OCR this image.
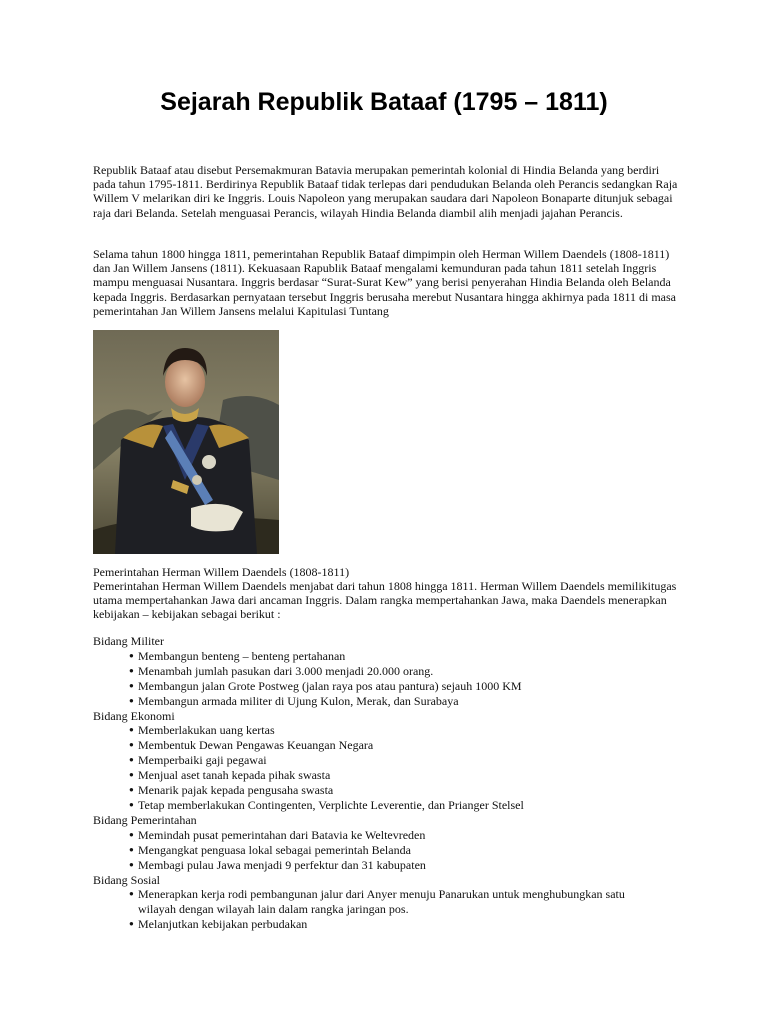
Sejarah Republik Bataaf (1795 – 1811)

Republik Bataaf atau disebut Persemakmuran Batavia merupakan pemerintah kolonial di Hindia Belanda yang berdiri pada tahun 1795-1811. Berdirinya Republik Bataaf tidak terlepas dari pendudukan Belanda oleh Perancis sedangkan Raja Willem V melarikan diri ke Inggris. Louis Napoleon yang merupakan saudara dari Napoleon Bonaparte ditunjuk sebagai raja dari Belanda. Setelah menguasai Perancis, wilayah Hindia Belanda diambil alih menjadi jajahan Perancis.

Selama tahun 1800 hingga 1811, pemerintahan Republik Bataaf dimpimpin oleh Herman Willem Daendels (1808-1811) dan Jan Willem Jansens (1811). Kekuasaan Rapublik Bataaf mengalami kemunduran pada tahun 1811 setelah Inggris mampu menguasai Nusantara. Inggris berdasar “Surat-Surat Kew” yang berisi penyerahan Hindia Belanda oleh Belanda kepada Inggris. Berdasarkan pernyataan tersebut Inggris berusaha merebut Nusantara hingga akhirnya pada 1811 di masa pemerintahan Jan Willem Jansens melalui Kapitulasi Tuntang

Pemerintahan Herman Willem Daendels (1808-1811)

Pemerintahan Herman Willem Daendels menjabat dari tahun 1808 hingga 1811. Herman Willem Daendels memilikitugas utama mempertahankan Jawa dari ancaman Inggris. Dalam rangka mempertahankan Jawa, maka Daendels menerapkan kebijakan – kebijakan sebagai berikut :

Bidang Militer

● Membangun benteng – benteng pertahanan
● Menambah jumlah pasukan dari 3.000 menjadi 20.000 orang.
● Membangun jalan Grote Postweg (jalan raya pos atau pantura) sejauh 1000 KM
● Membangun armada militer di Ujung Kulon, Merak, dan Surabaya

Bidang Ekonomi

● Memberlakukan uang kertas
● Membentuk Dewan Pengawas Keuangan Negara
● Memperbaiki gaji pegawai
● Menjual aset tanah kepada pihak swasta
● Menarik pajak kepada pengusaha swasta
● Tetap memberlakukan Contingenten, Verplichte Leverentie, dan Prianger Stelsel

Bidang Pemerintahan

● Memindah pusat pemerintahan dari Batavia ke Weltevreden
● Mengangkat penguasa lokal sebagai pemerintah Belanda
● Membagi pulau Jawa menjadi 9 perfektur dan 31 kabupaten

Bidang Sosial

● Menerapkan kerja rodi pembangunan jalur dari Anyer menuju Panarukan untuk menghubungkan satu wilayah dengan wilayah lain dalam rangka jaringan pos.
● Melanjutkan kebijakan perbudakan
